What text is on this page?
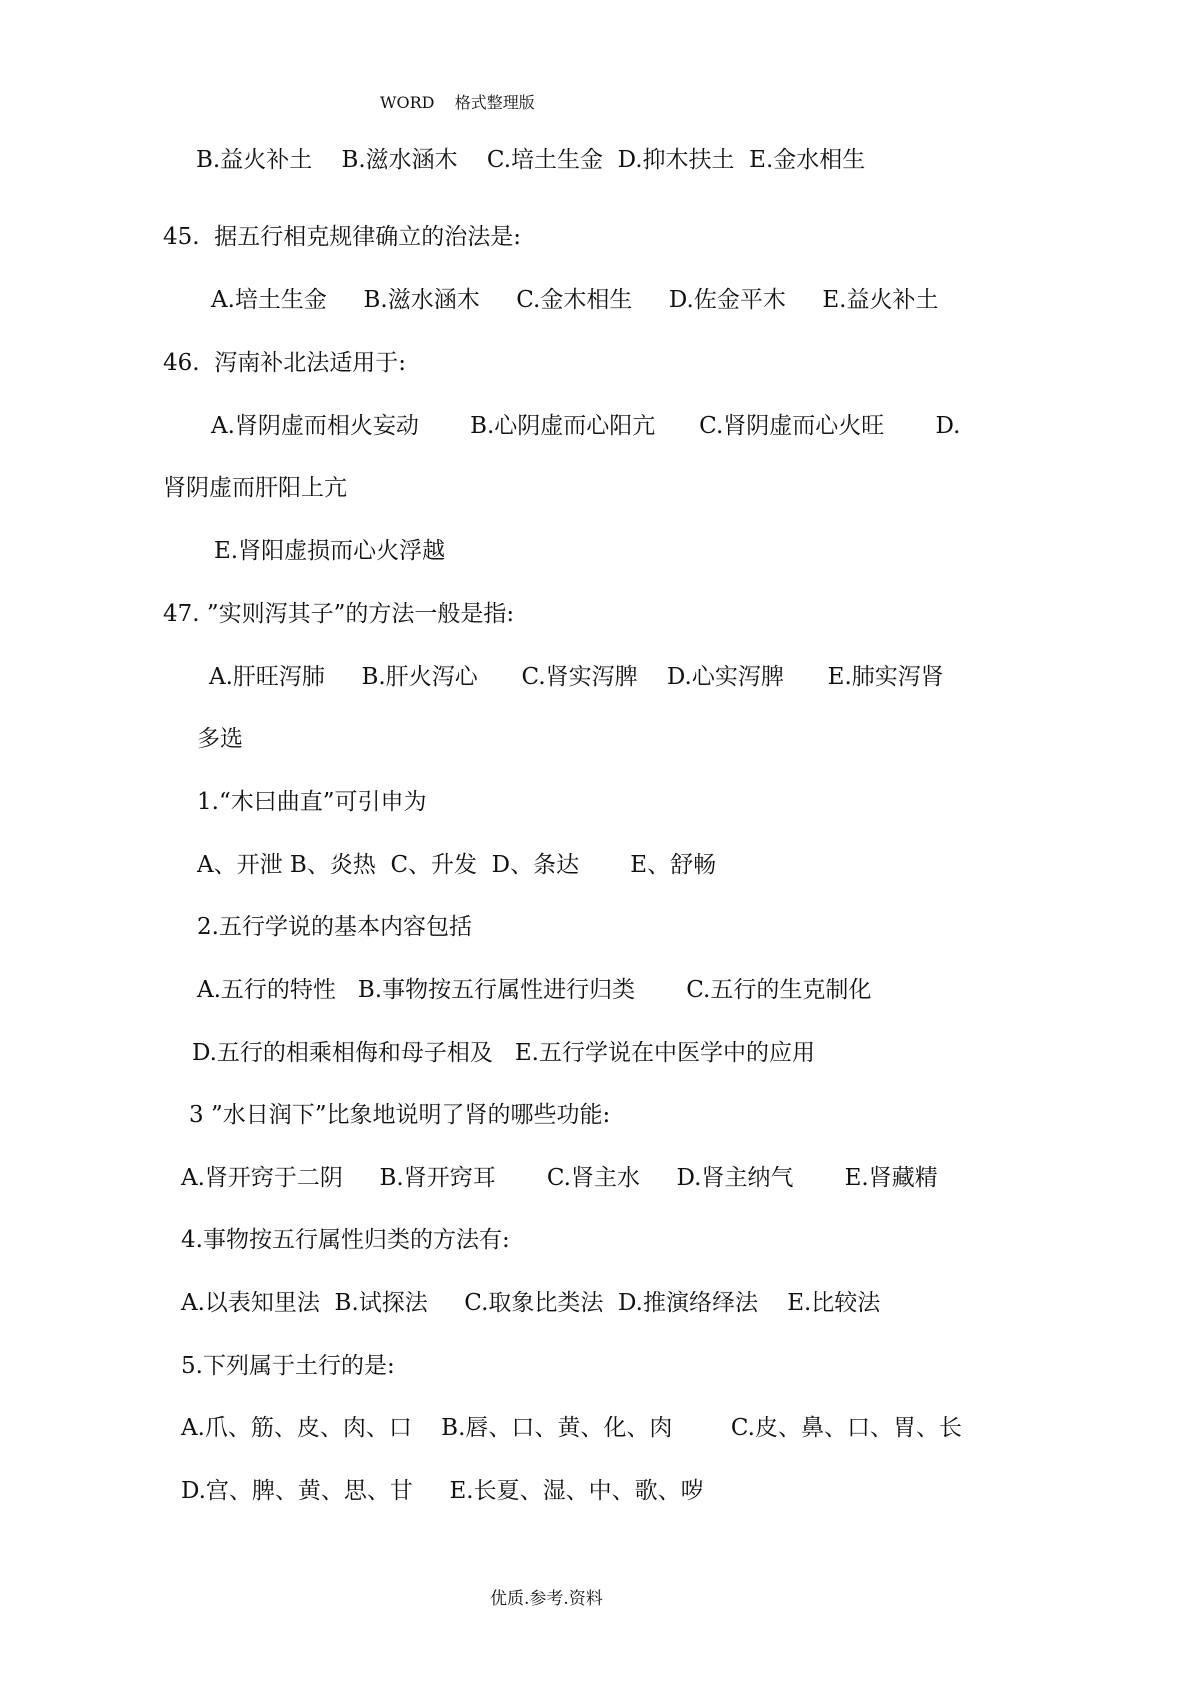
WORD    格式整理版
B.益火补土    B.滋水涵木    C.培土生金  D.抑木扶土  E.金水相生
45.  据五行相克规律确立的治法是:
A.培土生金     B.滋水涵木     C.金木相生     D.佐金平木     E.益火补土
46.  泻南补北法适用于:
A.肾阴虚而相火妄动       B.心阴虚而心阳亢      C.肾阴虚而心火旺       D.
肾阴虚而肝阳上亢
E.肾阳虚损而心火浮越
47. ”实则泻其子”的方法一般是指:
A.肝旺泻肺     B.肝火泻心      C.肾实泻脾    D.心实泻脾      E.肺实泻肾
多选
1.“木曰曲直”可引申为
A、开泄 B、炎热  C、升发  D、条达       E、舒畅
2.五行学说的基本内容包括
A.五行的特性   B.事物按五行属性进行归类       C.五行的生克制化
D.五行的相乘相侮和母子相及   E.五行学说在中医学中的应用
3 ”水日润下”比象地说明了肾的哪些功能:
A.肾开窍于二阴     B.肾开窍耳       C.肾主水     D.肾主纳气       E.肾藏精
4.事物按五行属性归类的方法有:
A.以表知里法  B.试探法     C.取象比类法  D.推演络绎法    E.比较法
5.下列属于土行的是:
A.爪、筋、皮、肉、口    B.唇、口、黄、化、肉        C.皮、鼻、口、胃、长
D.宫、脾、黄、思、甘     E.长夏、湿、中、歌、哕
优质.参考.资料
